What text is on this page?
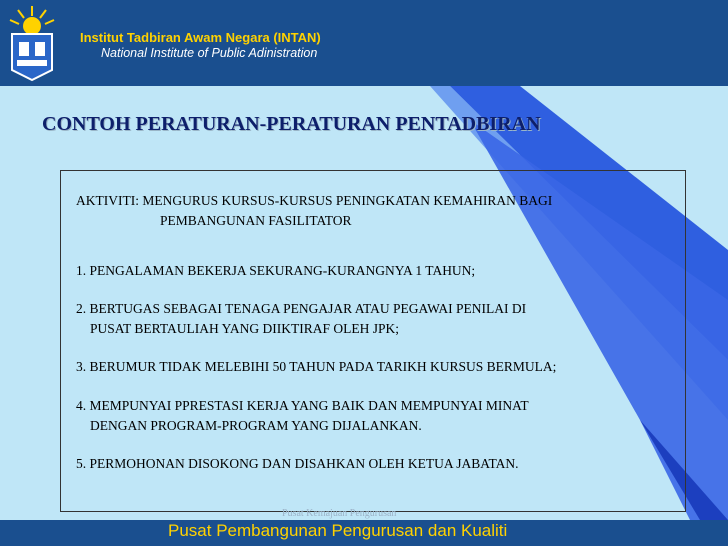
Institut Tadbiran Awam Negara (INTAN)
National Institute of Public Adinistration
CONTOH PERATURAN-PERATURAN PENTADBIRAN
AKTIVITI: MENGURUS KURSUS-KURSUS PENINGKATAN KEMAHIRAN BAGI
PEMBANGUNAN FASILITATOR
1. PENGALAMAN BEKERJA SEKURANG-KURANGNYA 1 TAHUN;
2. BERTUGAS SEBAGAI TENAGA PENGAJAR ATAU PEGAWAI PENILAI DI
PUSAT BERTAULIAH YANG DIIKTIRAF OLEH JPK;
3. BERUMUR TIDAK MELEBIHI 50 TAHUN PADA TARIKH KURSUS BERMULA;
4. MEMPUNYAI PPRESTASI KERJA YANG BAIK DAN MEMPUNYAI MINAT
DENGAN PROGRAM-PROGRAM YANG DIJALANKAN.
5. PERMOHONAN DISOKONG DAN DISAHKAN OLEH KETUA JABATAN.
Pusat Kemajuan Pengurusan
Pusat Pembangunan Pengurusan dan Kualiti
